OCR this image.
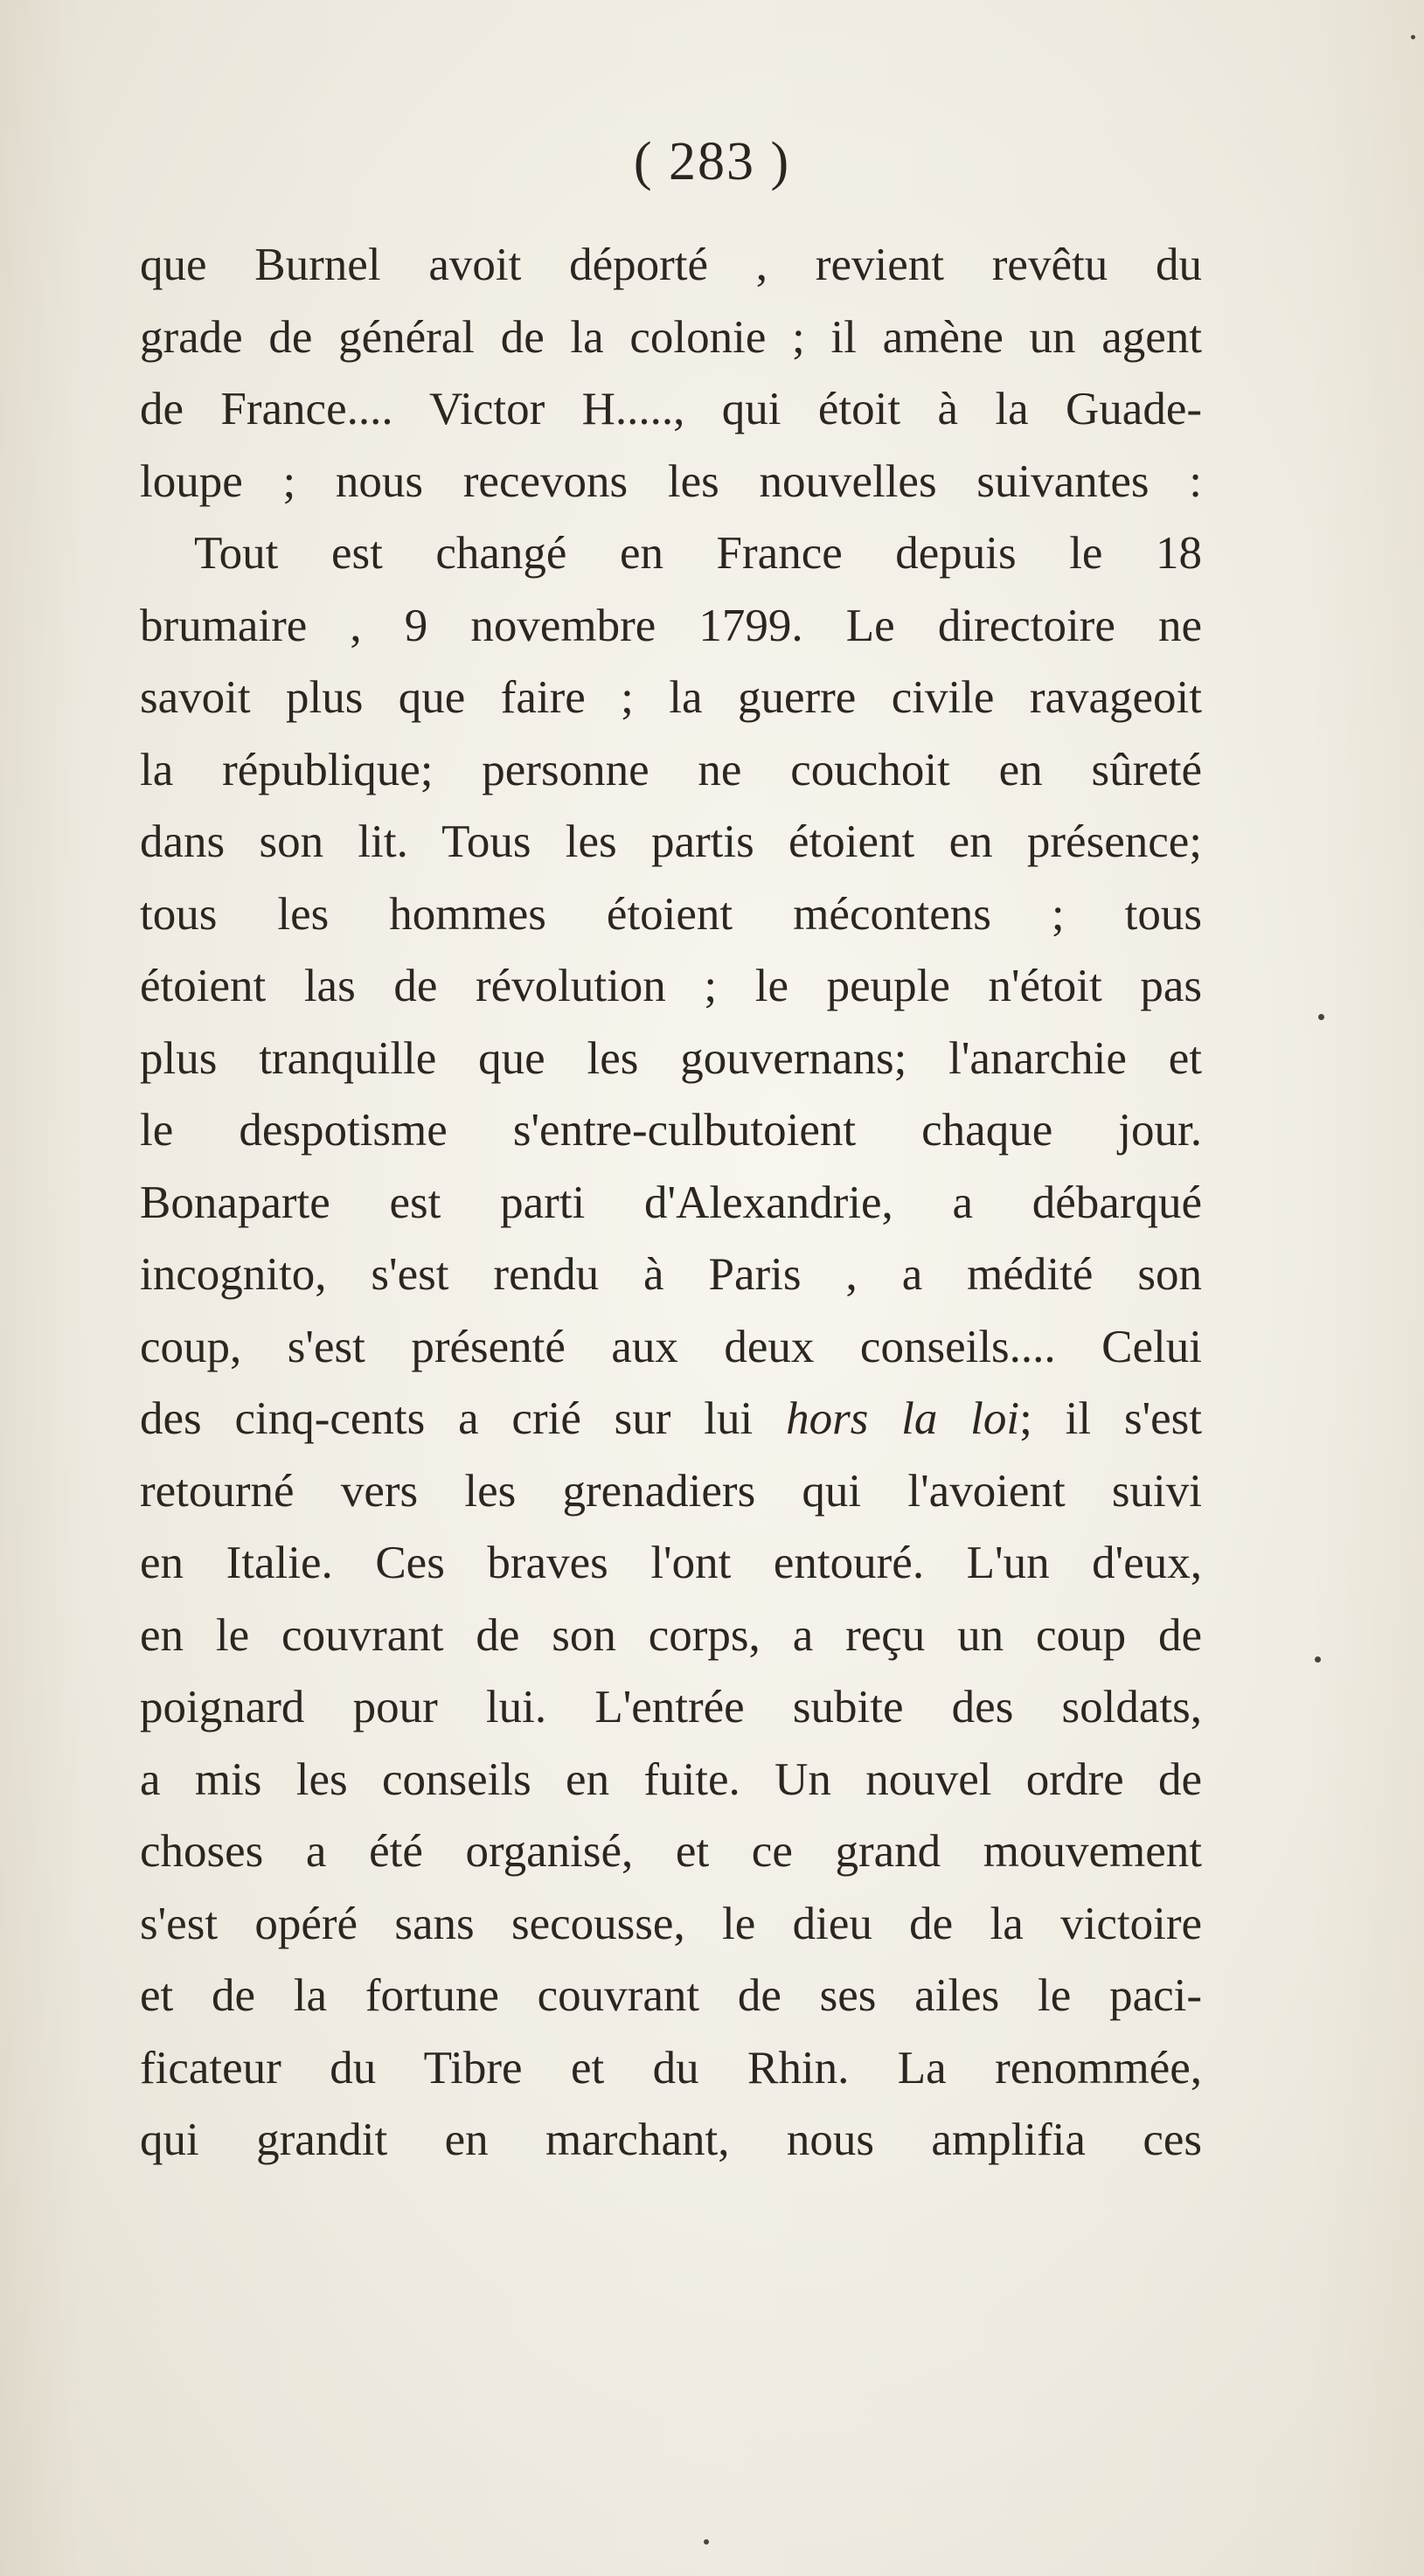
( 283 )
que Burnel avoit déporté , revient revêtu du
grade de général de la colonie ; il amène un agent
de France.... Victor H....., qui étoit à la Guade-
loupe ; nous recevons les nouvelles suivantes :
Tout est changé en France depuis le 18
brumaire , 9 novembre 1799. Le directoire ne
savoit plus que faire ; la guerre civile ravageoit
la république; personne ne couchoit en sûreté
dans son lit. Tous les partis étoient en présence;
tous les hommes étoient mécontens ; tous
étoient las de révolution ; le peuple n'étoit pas
plus tranquille que les gouvernans; l'anarchie et
le despotisme s'entre-culbutoient chaque jour.
Bonaparte est parti d'Alexandrie, a débarqué
incognito, s'est rendu à Paris , a médité son
coup, s'est présenté aux deux conseils.... Celui
des cinq-cents a crié sur lui hors la loi; il s'est
retourné vers les grenadiers qui l'avoient suivi
en Italie. Ces braves l'ont entouré. L'un d'eux,
en le couvrant de son corps, a reçu un coup de
poignard pour lui. L'entrée subite des soldats,
a mis les conseils en fuite. Un nouvel ordre de
choses a été organisé, et ce grand mouvement
s'est opéré sans secousse, le dieu de la victoire
et de la fortune couvrant de ses ailes le paci-
ficateur du Tibre et du Rhin. La renommée,
qui grandit en marchant, nous amplifia ces
